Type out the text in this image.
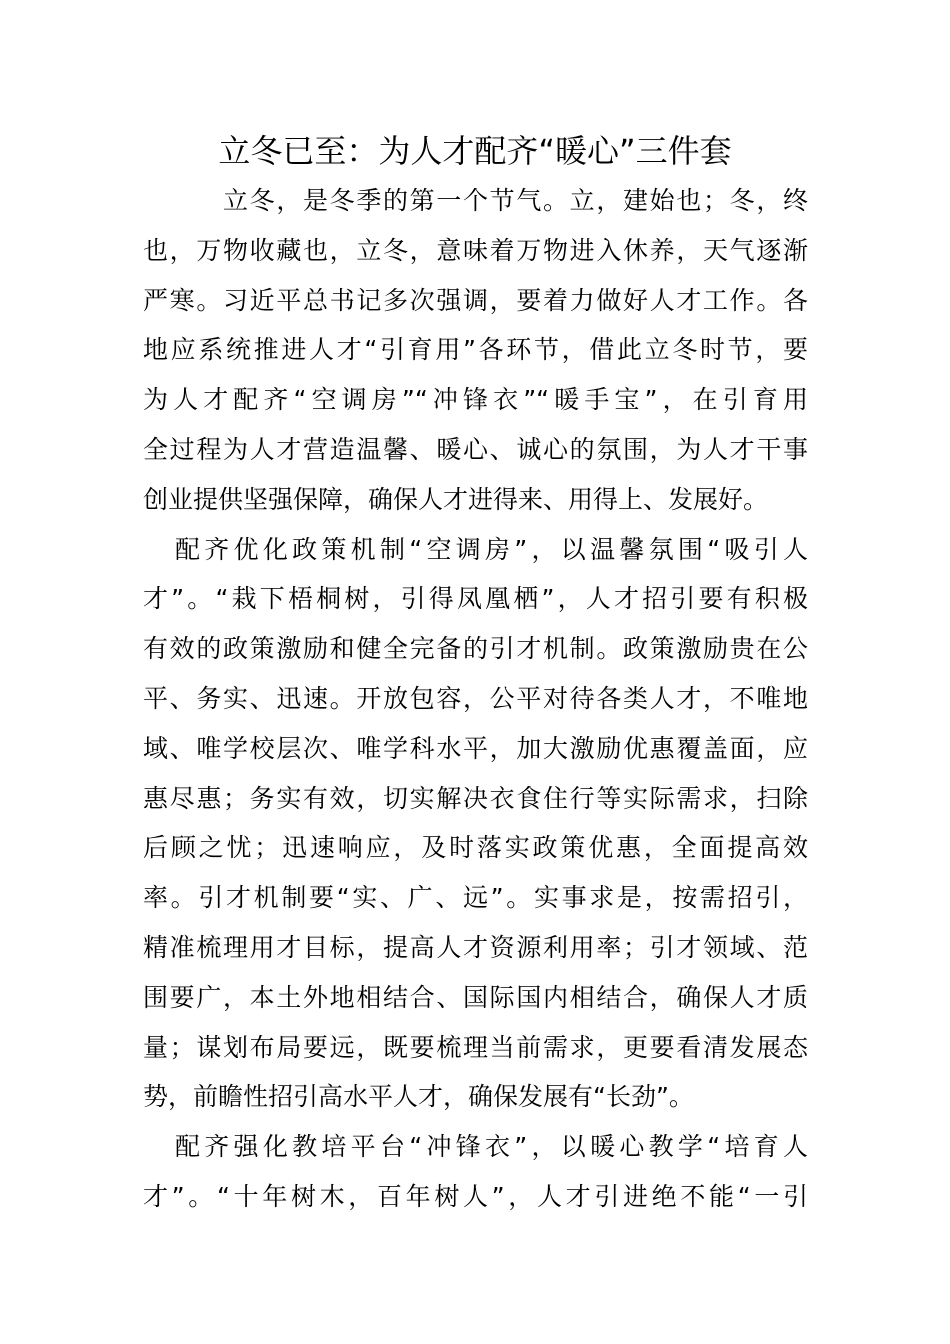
立冬已至：为人才配齐“暖心”三件套
立冬，是冬季的第一个节气。立，建始也；冬，终
也，万物收藏也，立冬，意味着万物进入休养，天气逐渐
严寒。习近平总书记多次强调，要着力做好人才工作。各
地应系统推进人才“引育用”各环节，借此立冬时节，要
为人才配齐“空调房”“冲锋衣”“暖手宝”，在引育用
全过程为人才营造温馨、暖心、诚心的氛围，为人才干事
创业提供坚强保障，确保人才进得来、用得上、发展好。
配齐优化政策机制“空调房”，以温馨氛围“吸引人
才”。“栽下梧桐树，引得凤凰栖”，人才招引要有积极
有效的政策激励和健全完备的引才机制。政策激励贵在公
平、务实、迅速。开放包容，公平对待各类人才，不唯地
域、唯学校层次、唯学科水平，加大激励优惠覆盖面，应
惠尽惠；务实有效，切实解决衣食住行等实际需求，扫除
后顾之忧；迅速响应，及时落实政策优惠，全面提高效
率。引才机制要“实、广、远”。实事求是，按需招引，
精准梳理用才目标，提高人才资源利用率；引才领域、范
围要广，本土外地相结合、国际国内相结合，确保人才质
量；谋划布局要远，既要梳理当前需求，更要看清发展态
势，前瞻性招引高水平人才，确保发展有“长劲”。
配齐强化教培平台“冲锋衣”，以暖心教学“培育人
才”。“十年树木，百年树人”，人才引进绝不能“一引
